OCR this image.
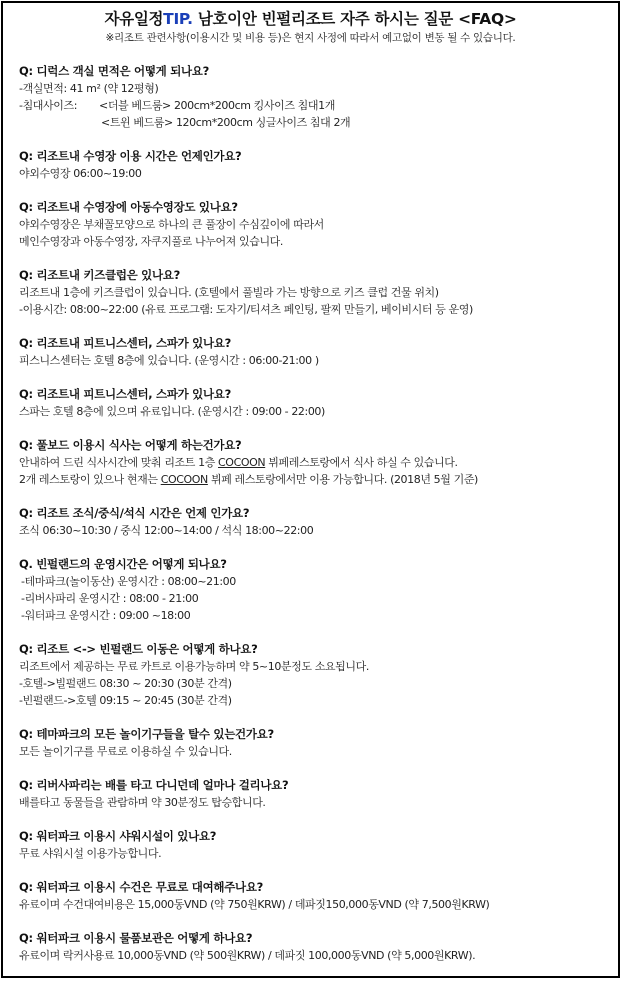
자유일정TIP. 남호이안 빈펄리조트 자주 하시는 질문 <FAQ>
※리조트 관련사항(이용시간 및 비용 등)은 현지 사정에 따라서 예고없이 변동 될 수 있습니다.
Q: 디럭스 객실 면적은 어떻게 되나요?
-객실면적: 41 m² (약 12평형)
-침대사이즈:	<더블 베드룸> 200cm*200cm 킹사이즈 침대1개
<트윈 베드룸> 120cm*200cm 싱글사이즈 침대 2개
Q: 리조트내 수영장 이용 시간은 언제인가요?
야외수영장 06:00~19:00
Q: 리조트내 수영장에 아동수영장도 있나요?
야외수영장은 부채꼴모양으로 하나의 큰 풀장이 수심깊이에 따라서
메인수영장과 아동수영장, 자쿠지풀로 나누어져 있습니다.
Q: 리조트내 키즈클럽은 있나요?
리조트내 1층에 키즈클럽이 있습니다. (호텔에서 풀빌라 가는 방향으로 키즈 클럽 건물 위치)
-이용시간: 08:00~22:00 (유료 프로그램: 도자기/티셔츠 페인팅, 팔찌 만들기, 베이비시터 등 운영)
Q: 리조트내 피트니스센터, 스파가 있나요?
피스니스센터는 호텔 8층에 있습니다. (운영시간 : 06:00-21:00 )
Q: 리조트내 피트니스센터, 스파가 있나요?
스파는 호텔 8층에 있으며 유료입니다. (운영시간 : 09:00 - 22:00)
Q: 풀보드 이용시 식사는 어떻게 하는건가요?
안내하여 드린 식사시간에 맞춰 리조트 1층 COCOON 뷔페레스토랑에서 식사 하실 수 있습니다.
2개 레스토랑이 있으나 현재는 COCOON 뷔페 레스토랑에서만 이용 가능합니다. (2018년 5월 기준)
Q: 리조트 조식/중식/석식 시간은 언제 인가요?
조식 06:30~10:30 / 중식 12:00~14:00 / 석식 18:00~22:00
Q. 빈펄랜드의 운영시간은 어떻게 되나요?
-테마파크(놀이동산) 운영시간 : 08:00~21:00
-리버사파리 운영시간 : 08:00 - 21:00
-워터파크 운영시간 : 09:00 ~18:00
Q: 리조트 <-> 빈펄랜드 이동은 어떻게 하나요?
리조트에서 제공하는 무료 카트로 이용가능하며 약 5~10분정도 소요됩니다.
-호텔->빌펄랜드 08:30 ~ 20:30 (30분 간격)
-빈펄랜드->호텔 09:15 ~ 20:45 (30분 간격)
Q: 테마파크의 모든 놀이기구들을 탈수 있는건가요?
모든 놀이기구를 무료로 이용하실 수 있습니다.
Q: 리버사파리는 배를 타고 다니던데 얼마나 걸리나요?
배를타고 동물들을 관람하며 약 30분정도 탑승합니다.
Q: 워터파크 이용시 샤워시설이 있나요?
무료 샤워시설 이용가능합니다.
Q: 워터파크 이용시 수건은 무료로 대여해주나요?
유료이며 수건대여비용은 15,000동VND (약 750원KRW) / 데파짓150,000동VND (약 7,500원KRW)
Q: 워터파크 이용시 물품보관은 어떻게 하나요?
유료이며 락커사용료 10,000동VND (약 500원KRW) / 데파짓 100,000동VND (약 5,000원KRW).
